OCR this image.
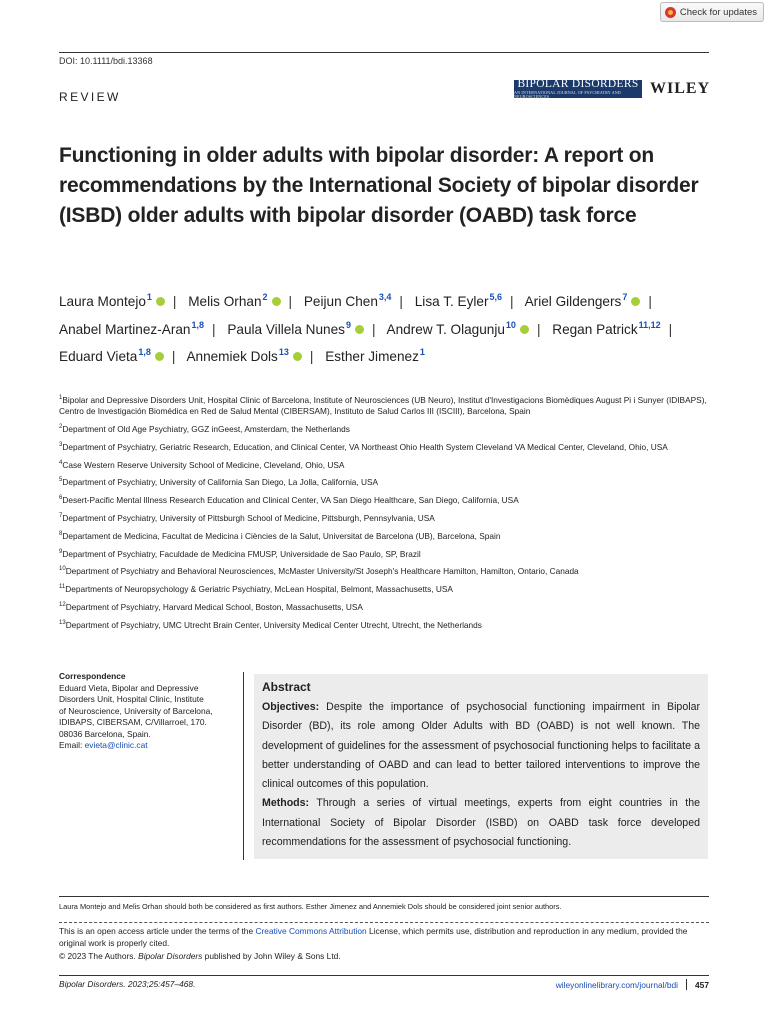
Check for updates
DOI: 10.1111/bdi.13368
REVIEW
BIPOLAR DISORDERS
AN INTERNATIONAL JOURNAL OF PSYCHIATRY AND NEUROSCIENCES	WILEY
Functioning in older adults with bipolar disorder: A report on recommendations by the International Society of bipolar disorder (ISBD) older adults with bipolar disorder (OABD) task force
Laura Montejo$^1$ | Melis Orhan$^2$ | Peijun Chen$^{3,4}$ | Lisa T. Eyler$^{5,6}$ | Ariel Gildengers$^7$ | Anabel Martinez-Aran$^{1,8}$ | Paula Villela Nunes$^9$ | Andrew T. Olagunju$^{10}$ | Regan Patrick$^{11,12}$ | Eduard Vieta$^{1,8}$ | Annemiek Dols$^{13}$ | Esther Jimenez$^1$
$^1$Bipolar and Depressive Disorders Unit, Hospital Clinic of Barcelona, Institute of Neurosciences (UB Neuro), Institut d'Investigacions Biomèdiques August Pi i Sunyer (IDIBAPS), Centro de Investigación Biomédica en Red de Salud Mental (CIBERSAM), Instituto de Salud Carlos III (ISCIII), Barcelona, Spain
$^2$Department of Old Age Psychiatry, GGZ inGeest, Amsterdam, the Netherlands
$^3$Department of Psychiatry, Geriatric Research, Education, and Clinical Center, VA Northeast Ohio Health System Cleveland VA Medical Center, Cleveland, Ohio, USA
$^4$Case Western Reserve University School of Medicine, Cleveland, Ohio, USA
$^5$Department of Psychiatry, University of California San Diego, La Jolla, California, USA
$^6$Desert-Pacific Mental Illness Research Education and Clinical Center, VA San Diego Healthcare, San Diego, California, USA
$^7$Department of Psychiatry, University of Pittsburgh School of Medicine, Pittsburgh, Pennsylvania, USA
$^8$Departament de Medicina, Facultat de Medicina i Ciències de la Salut, Universitat de Barcelona (UB), Barcelona, Spain
$^9$Department of Psychiatry, Faculdade de Medicina FMUSP, Universidade de Sao Paulo, SP, Brazil
$^{10}$Department of Psychiatry and Behavioral Neurosciences, McMaster University/St Joseph's Healthcare Hamilton, Hamilton, Ontario, Canada
$^{11}$Departments of Neuropsychology & Geriatric Psychiatry, McLean Hospital, Belmont, Massachusetts, USA
$^{12}$Department of Psychiatry, Harvard Medical School, Boston, Massachusetts, USA
$^{13}$Department of Psychiatry, UMC Utrecht Brain Center, University Medical Center Utrecht, Utrecht, the Netherlands
Correspondence
Eduard Vieta, Bipolar and Depressive
Disorders Unit, Hospital Clinic, Institute
of Neuroscience, University of Barcelona,
IDIBAPS, CIBERSAM, C/Villarroel, 170.
08036 Barcelona, Spain.
Email: evieta@clinic.cat
Abstract

Objectives: Despite the importance of psychosocial functioning impairment in Bipolar Disorder (BD), its role among Older Adults with BD (OABD) is not well known. The development of guidelines for the assessment of psychosocial functioning helps to facilitate a better understanding of OABD and can lead to better tailored interventions to improve the clinical outcomes of this population.

Methods: Through a series of virtual meetings, experts from eight countries in the International Society of Bipolar Disorder (ISBD) on OABD task force developed recommendations for the assessment of psychosocial functioning.

Laura Montejo and Melis Orhan should both be considered as first authors. Esther Jimenez and Annemiek Dols should be considered joint senior authors.
This is an open access article under the terms of the Creative Commons Attribution License, which permits use, distribution and reproduction in any medium, provided the original work is properly cited.
© 2023 The Authors. Bipolar Disorders published by John Wiley & Sons Ltd.
Bipolar Disorders. 2023;25:457–468.	wileyonlinelibrary.com/journal/bdi 457
